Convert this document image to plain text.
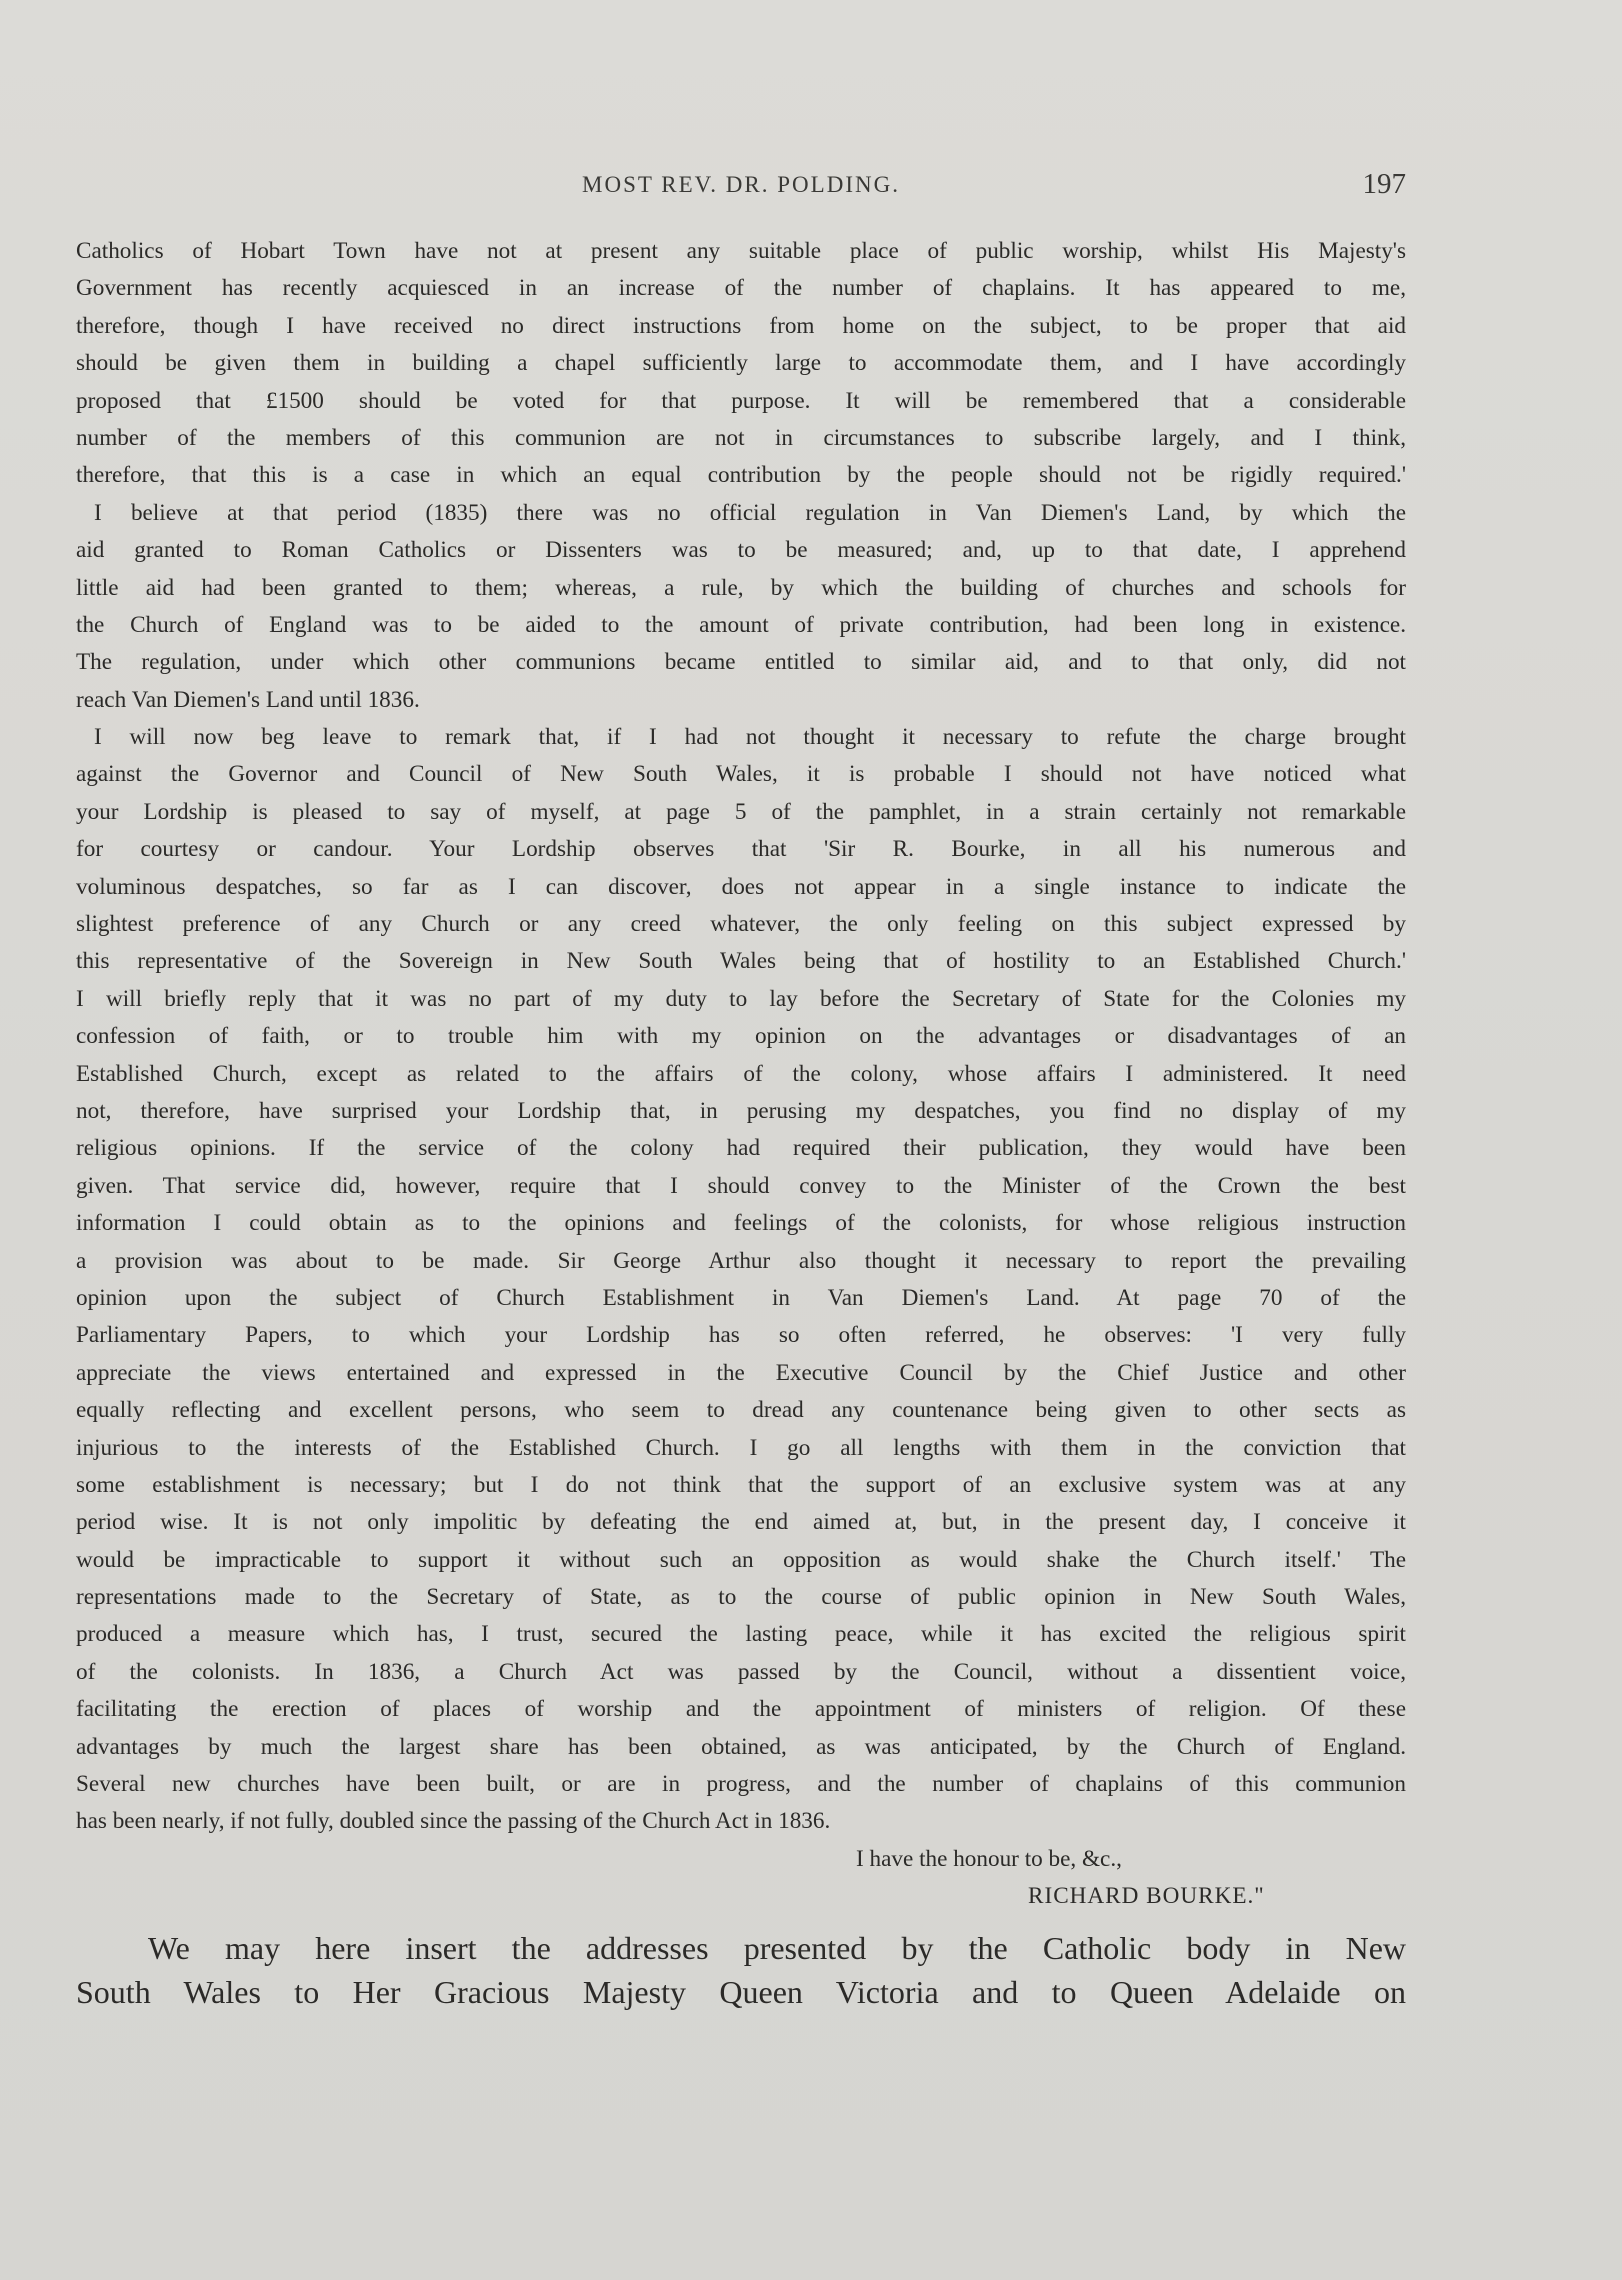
MOST REV. DR. POLDING.	197
Catholics of Hobart Town have not at present any suitable place of public worship, whilst His Majesty's
Government has recently acquiesced in an increase of the number of chaplains. It has appeared to me,
therefore, though I have received no direct instructions from home on the subject, to be proper that aid
should be given them in building a chapel sufficiently large to accommodate them, and I have accordingly
proposed that £1500 should be voted for that purpose. It will be remembered that a considerable
number of the members of this communion are not in circumstances to subscribe largely, and I think,
therefore, that this is a case in which an equal contribution by the people should not be rigidly required.'
I believe at that period (1835) there was no official regulation in Van Diemen's Land, by which the
aid granted to Roman Catholics or Dissenters was to be measured; and, up to that date, I apprehend
little aid had been granted to them; whereas, a rule, by which the building of churches and schools for
the Church of England was to be aided to the amount of private contribution, had been long in existence.
The regulation, under which other communions became entitled to similar aid, and to that only, did not
reach Van Diemen's Land until 1836.
I will now beg leave to remark that, if I had not thought it necessary to refute the charge brought
against the Governor and Council of New South Wales, it is probable I should not have noticed what
your Lordship is pleased to say of myself, at page 5 of the pamphlet, in a strain certainly not remarkable
for courtesy or candour. Your Lordship observes that 'Sir R. Bourke, in all his numerous and
voluminous despatches, so far as I can discover, does not appear in a single instance to indicate the
slightest preference of any Church or any creed whatever, the only feeling on this subject expressed by
this representative of the Sovereign in New South Wales being that of hostility to an Established Church.'
I will briefly reply that it was no part of my duty to lay before the Secretary of State for the Colonies my
confession of faith, or to trouble him with my opinion on the advantages or disadvantages of an
Established Church, except as related to the affairs of the colony, whose affairs I administered. It need
not, therefore, have surprised your Lordship that, in perusing my despatches, you find no display of my
religious opinions. If the service of the colony had required their publication, they would have been
given. That service did, however, require that I should convey to the Minister of the Crown the best
information I could obtain as to the opinions and feelings of the colonists, for whose religious instruction
a provision was about to be made. Sir George Arthur also thought it necessary to report the prevailing
opinion upon the subject of Church Establishment in Van Diemen's Land. At page 70 of the
Parliamentary Papers, to which your Lordship has so often referred, he observes: 'I very fully
appreciate the views entertained and expressed in the Executive Council by the Chief Justice and other
equally reflecting and excellent persons, who seem to dread any countenance being given to other sects as
injurious to the interests of the Established Church. I go all lengths with them in the conviction that
some establishment is necessary; but I do not think that the support of an exclusive system was at any
period wise. It is not only impolitic by defeating the end aimed at, but, in the present day, I conceive it
would be impracticable to support it without such an opposition as would shake the Church itself.' The
representations made to the Secretary of State, as to the course of public opinion in New South Wales,
produced a measure which has, I trust, secured the lasting peace, while it has excited the religious spirit
of the colonists. In 1836, a Church Act was passed by the Council, without a dissentient voice,
facilitating the erection of places of worship and the appointment of ministers of religion. Of these
advantages by much the largest share has been obtained, as was anticipated, by the Church of England.
Several new churches have been built, or are in progress, and the number of chaplains of this communion
has been nearly, if not fully, doubled since the passing of the Church Act in 1836.
I have the honour to be, &c.,
RICHARD BOURKE."
We may here insert the addresses presented by the Catholic body in New
South Wales to Her Gracious Majesty Queen Victoria and to Queen Adelaide on
